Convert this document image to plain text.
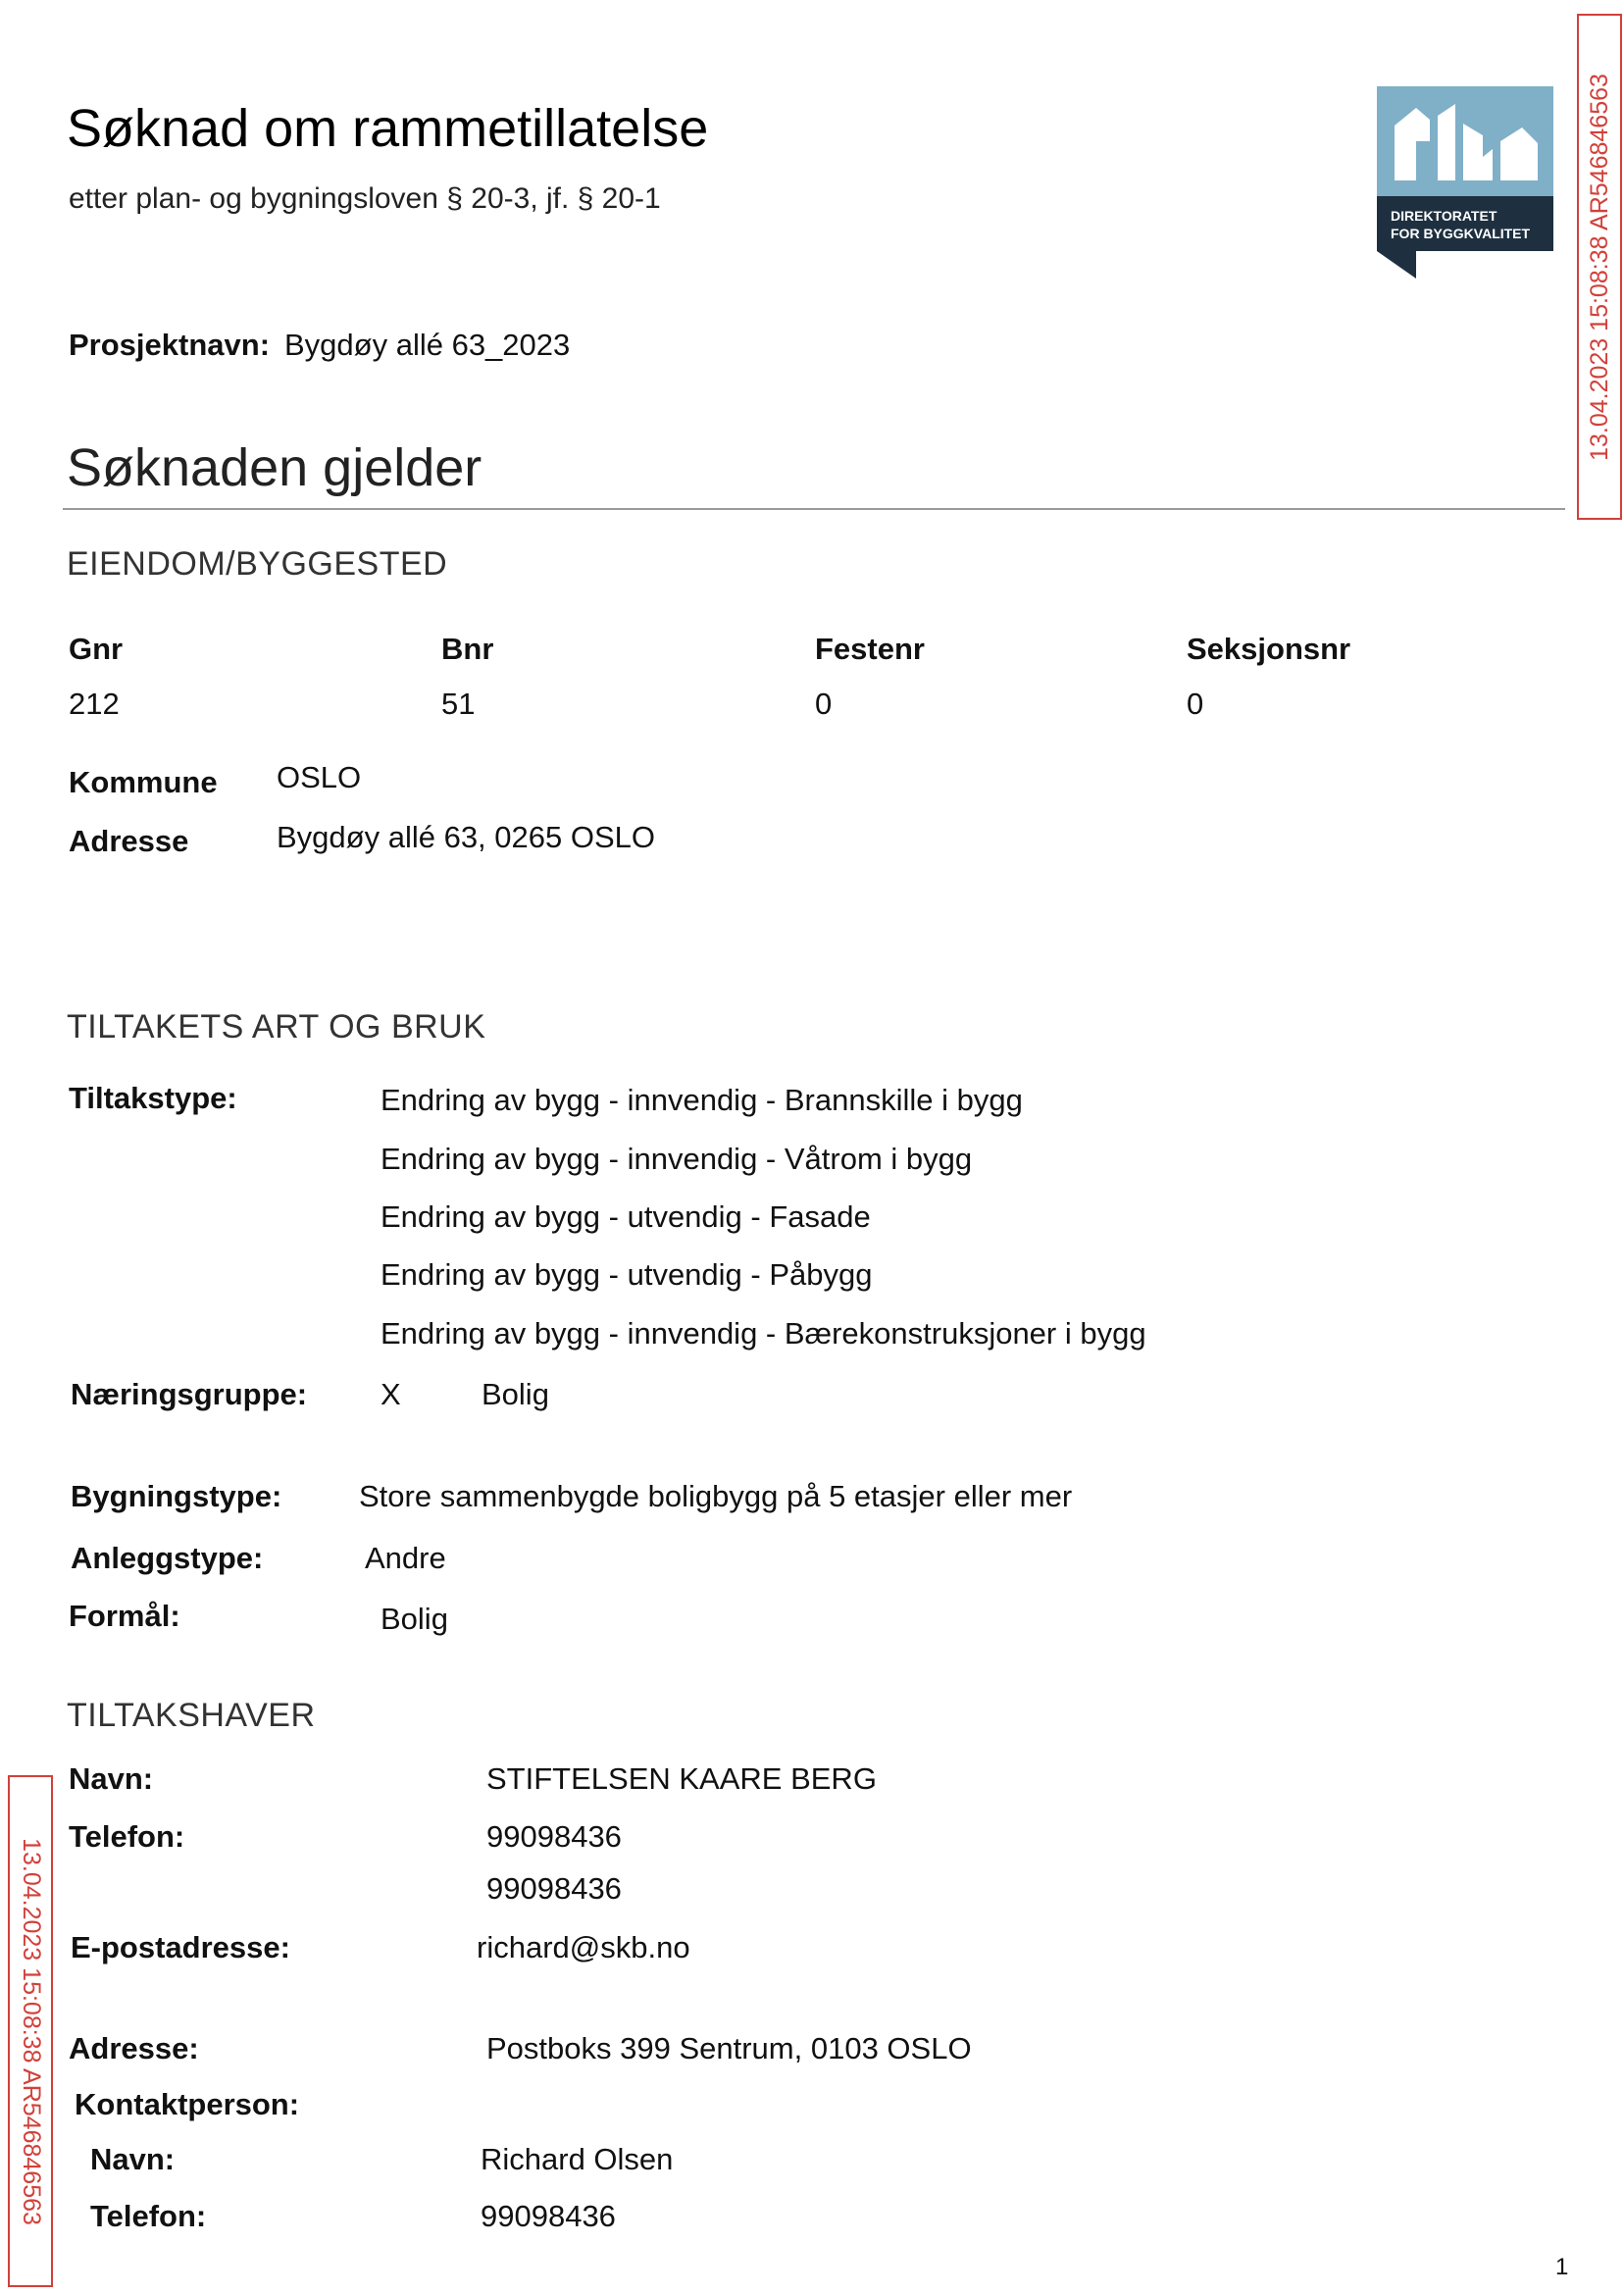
Søknad om rammetillatelse
etter plan- og bygningsloven § 20-3, jf. § 20-1
DIREKTORATET
FOR BYGGKVALITET 13.04.2023 15:08:38 AR546846563
13.04.2023 15:08:38 AR546846563
Prosjektnavn: Bygdøy allé 63_2023
Søknaden gjelder
EIENDOM/BYGGESTED
Gnr	Bnr	Festenr	Seksjonsnr
212	51	0	0
Kommune OSLO
Adresse	Bygdøy allé 63, 0265 OSLO
TILTAKETS ART OG BRUK
Tiltakstype:	Endring av bygg - innvendig - Brannskille i bygg
Endring av bygg - innvendig - Våtrom i bygg
Endring av bygg - utvendig - Fasade
Endring av bygg - utvendig - Påbygg
Endring av bygg - innvendig - Bærekonstruksjoner i bygg
Næringsgruppe: X	Bolig
Bygningstype:	Store sammenbygde boligbygg på 5 etasjer eller mer
Anleggstype:	Andre
Formål:	Bolig
TILTAKSHAVER
Navn:	STIFTELSEN KAARE BERG
Telefon:	99098436
99098436
E-postadresse:	richard@skb.no
Adresse:	Postboks 399 Sentrum, 0103 OSLO
Kontaktperson:
Navn:	Richard Olsen
Telefon:	99098436
1
